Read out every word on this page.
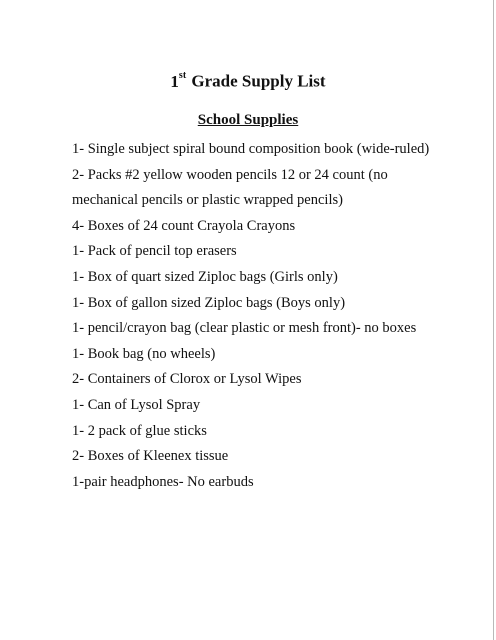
1st Grade Supply List
School Supplies
1- Single subject spiral bound composition book (wide-ruled)
2- Packs #2 yellow wooden pencils 12 or 24 count (no
mechanical pencils or plastic wrapped pencils)
4- Boxes of 24 count Crayola Crayons
1- Pack of pencil top erasers
1- Box of quart sized Ziploc bags (Girls only)
1- Box of gallon sized Ziploc bags (Boys only)
1- pencil/crayon bag (clear plastic or mesh front)- no boxes
1- Book bag (no wheels)
2- Containers of Clorox or Lysol Wipes
1- Can of Lysol Spray
1- 2 pack of glue sticks
2- Boxes of Kleenex tissue
1-pair headphones- No earbuds
